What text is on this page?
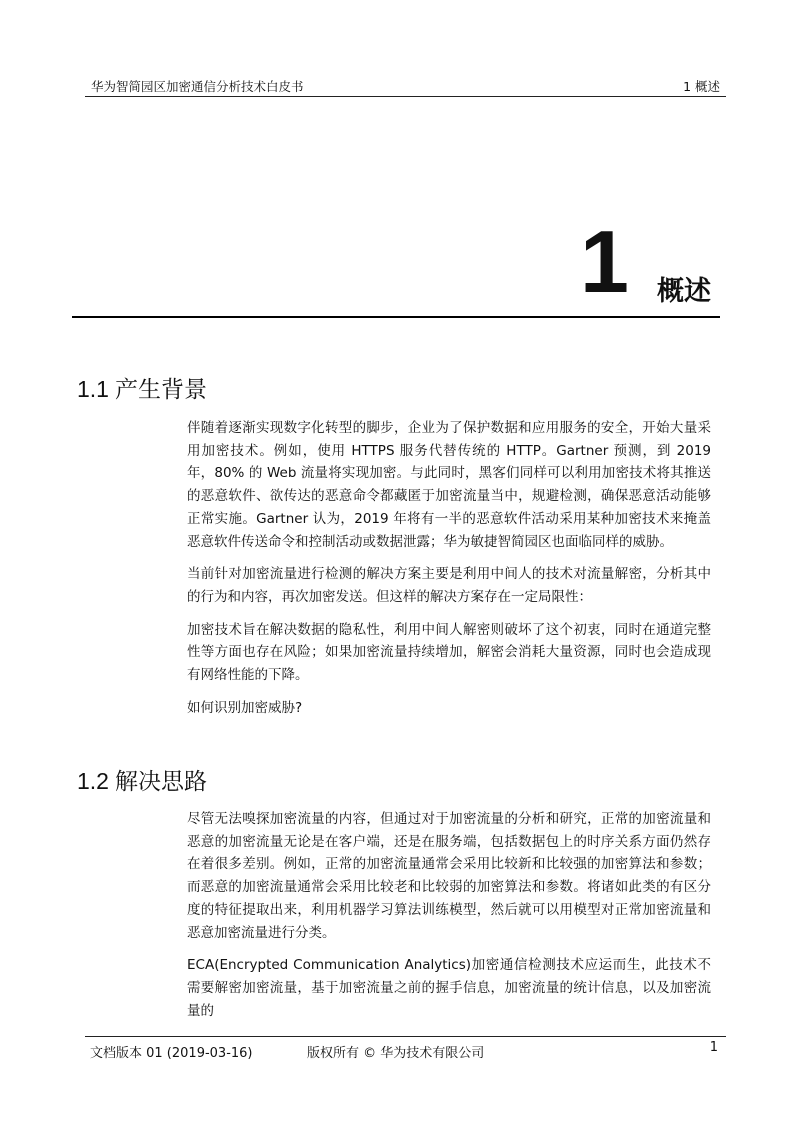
华为智简园区加密通信分析技术白皮书	1 概述
1 概述
1.1 产生背景

伴随着逐渐实现数字化转型的脚步，企业为了保护数据和应用服务的安全，开始大量采用加密技术。例如，使用 HTTPS 服务代替传统的 HTTP。Gartner 预测，到 2019 年，80% 的 Web 流量将实现加密。与此同时，黑客们同样可以利用加密技术将其推送的恶意软件、欲传达的恶意命令都藏匿于加密流量当中，规避检测，确保恶意活动能够正常实施。Gartner 认为，2019 年将有一半的恶意软件活动采用某种加密技术来掩盖恶意软件传送命令和控制活动或数据泄露；华为敏捷智简园区也面临同样的威胁。

当前针对加密流量进行检测的解决方案主要是利用中间人的技术对流量解密，分析其中的行为和内容，再次加密发送。但这样的解决方案存在一定局限性：

加密技术旨在解决数据的隐私性，利用中间人解密则破坏了这个初衷，同时在通道完整性等方面也存在风险；如果加密流量持续增加，解密会消耗大量资源，同时也会造成现有网络性能的下降。

如何识别加密威胁?

1.2 解决思路

尽管无法嗅探加密流量的内容，但通过对于加密流量的分析和研究，正常的加密流量和恶意的加密流量无论是在客户端，还是在服务端，包括数据包上的时序关系方面仍然存在着很多差别。例如，正常的加密流量通常会采用比较新和比较强的加密算法和参数；而恶意的加密流量通常会采用比较老和比较弱的加密算法和参数。将诸如此类的有区分度的特征提取出来，利用机器学习算法训练模型，然后就可以用模型对正常加密流量和恶意加密流量进行分类。

ECA(Encrypted Communication Analytics)加密通信检测技术应运而生，此技术不需要解密加密流量，基于加密流量之前的握手信息，加密流量的统计信息，以及加密流量的

文档版本 01 (2019-03-16)	版权所有 © 华为技术有限公司	1
